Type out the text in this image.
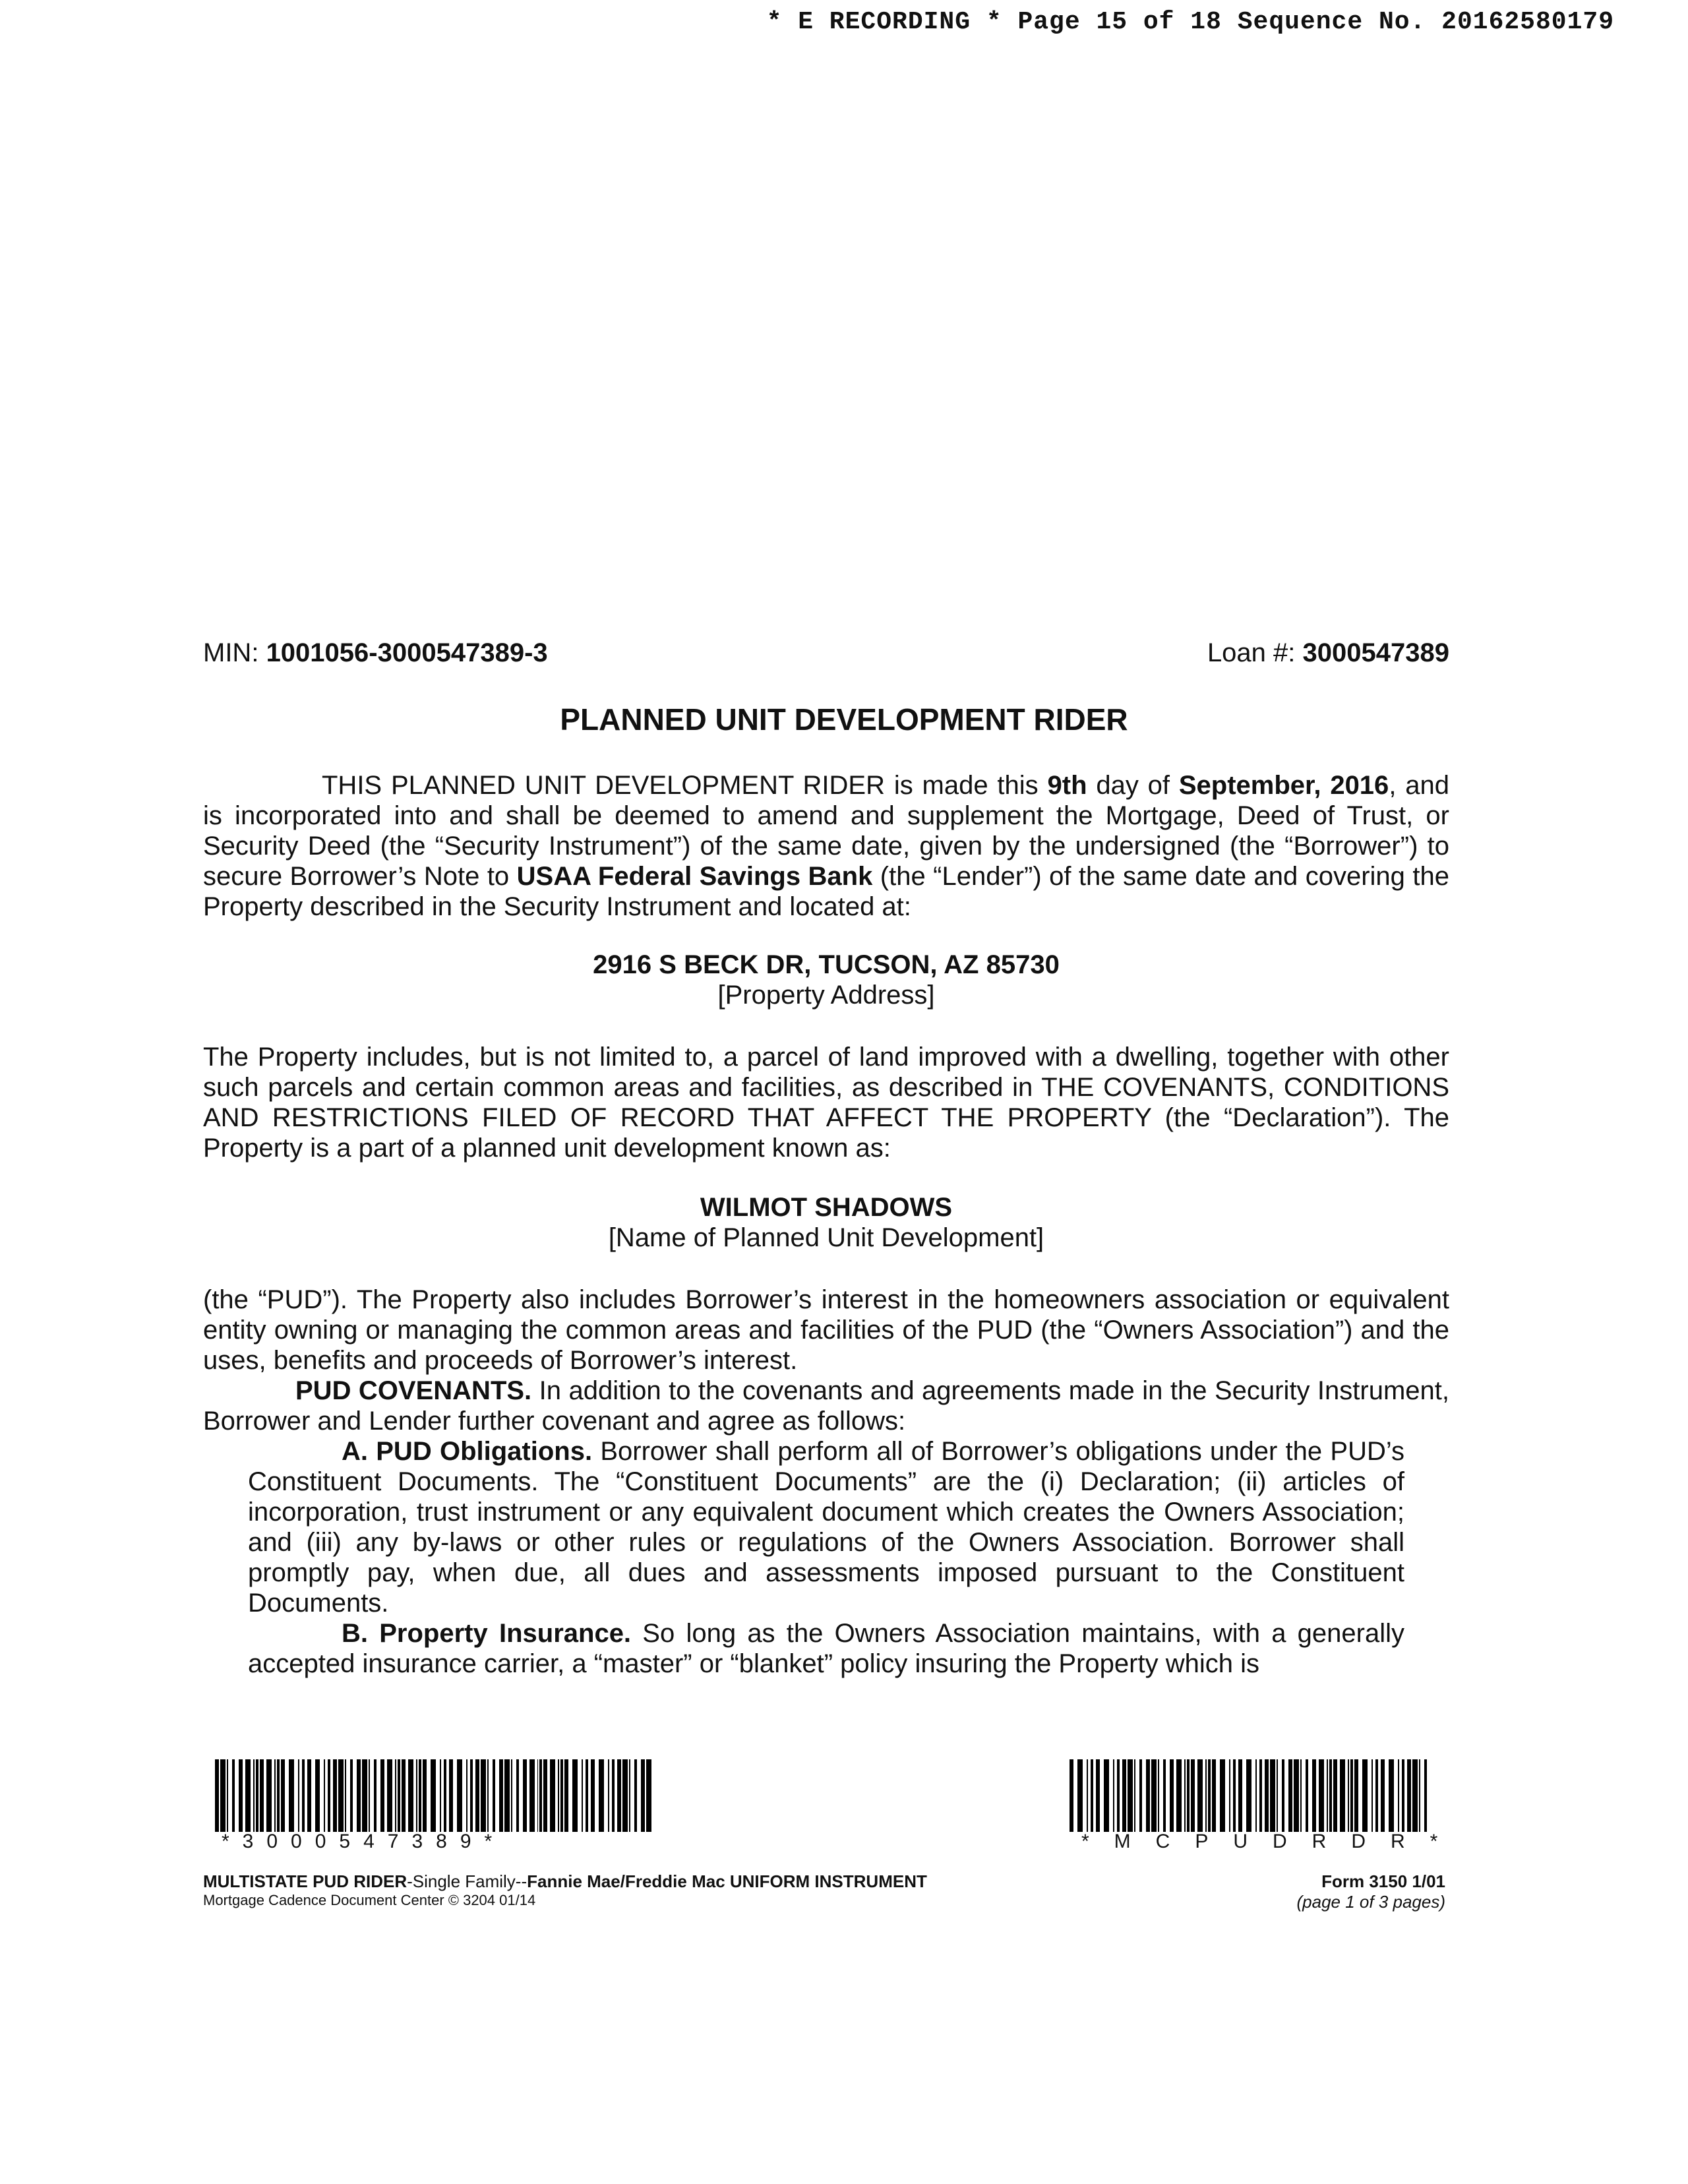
* E RECORDING * Page 15 of 18 Sequence No. 20162580179
MIN: 1001056-3000547389-3	Loan #: 3000547389
PLANNED UNIT DEVELOPMENT RIDER

THIS PLANNED UNIT DEVELOPMENT RIDER is made this 9th day of September, 2016, and is incorporated into and shall be deemed to amend and supplement the Mortgage, Deed of Trust, or Security Deed (the “Security Instrument”) of the same date, given by the undersigned (the “Borrower”) to secure Borrower’s Note to USAA Federal Savings Bank (the “Lender”) of the same date and covering the Property described in the Security Instrument and located at:

2916 S BECK DR, TUCSON, AZ 85730

[Property Address]

The Property includes, but is not limited to, a parcel of land improved with a dwelling, together with other such parcels and certain common areas and facilities, as described in THE COVENANTS, CONDITIONS AND RESTRICTIONS FILED OF RECORD THAT AFFECT THE PROPERTY (the “Declaration”). The Property is a part of a planned unit development known as:

WILMOT SHADOWS

[Name of Planned Unit Development]

(the “PUD”). The Property also includes Borrower’s interest in the homeowners association or equivalent entity owning or managing the common areas and facilities of the PUD (the “Owners Association”) and the uses, benefits and proceeds of Borrower’s interest.

PUD COVENANTS. In addition to the covenants and agreements made in the Security Instrument, Borrower and Lender further covenant and agree as follows:

A. PUD Obligations. Borrower shall perform all of Borrower’s obligations under the PUD’s Constituent Documents. The “Constituent Documents” are the (i) Declaration; (ii) articles of incorporation, trust instrument or any equivalent document which creates the Owners Association; and (iii) any by-laws or other rules or regulations of the Owners Association. Borrower shall promptly pay, when due, all dues and assessments imposed pursuant to the Constituent Documents.

B. Property Insurance. So long as the Owners Association maintains, with a generally accepted insurance carrier, a “master” or “blanket” policy insuring the Property which is

*3000547389*	*MCPUDRDR*
MULTISTATE PUD RIDER-Single Family--Fannie Mae/Freddie Mac UNIFORM INSTRUMENT
Mortgage Cadence Document Center © 3204 01/14
Form 3150 1/01
(page 1 of 3 pages)
